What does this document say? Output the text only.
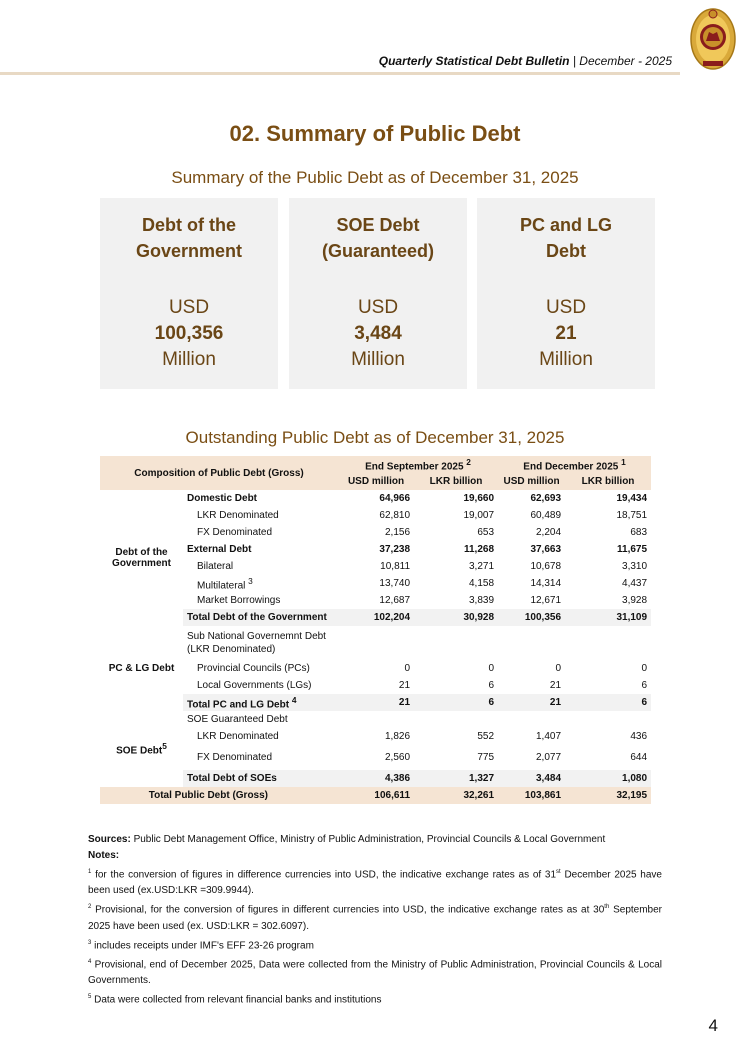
Quarterly Statistical Debt Bulletin | December - 2025
02. Summary of Public Debt
Summary of the Public Debt as of December 31, 2025
Debt of the
Government
USD
100,356
Million
SOE Debt
(Guaranteed)
USD
3,484
Million
PC and LG
Debt
USD
21
Million
Outstanding Public Debt as of December 31, 2025
Composition of Public Debt (Gross)		End September 2025 $^2$		End December 2025 $^1$
		USD million	LKR billion	USD million	LKR billion
Debt of the Government	Domestic Debt	64,966	19,660	62,693	19,434
	LKR Denominated	62,810	19,007	60,489	18,751
	FX Denominated	2,156	653	2,204	683
	External Debt	37,238	11,268	37,663	11,675
	Bilateral	10,811	3,271	10,678	3,310
	Multilateral $^3$	13,740	4,158	14,314	4,437
	Market Borrowings	12,687	3,839	12,671	3,928
	Total Debt of the Government	102,204	30,928	100,356	31,109
PC & LG Debt	Sub National Governemnt Debt
(LKR Denominated)				
	Provincial Councils (PCs)	0	0	0	0
	Local Governments (LGs)	21	6	21	6
	Total PC and LG Debt $^4$	21	6	21	6
SOE Debt$^5$	SOE Guaranteed Debt				
	LKR Denominated	1,826	552	1,407	436
	FX Denominated	2,560	775	2,077	644
	Total Debt of SOEs	4,386	1,327	3,484	1,080
Total Public Debt (Gross)		106,611	32,261	103,861	32,195

Sources: Public Debt Management Office, Ministry of Public Administration, Provincial Councils & Local Government

Notes:

$^1$ for the conversion of figures in difference currencies into USD, the indicative exchange rates as of 31st December 2025 have been used (ex.USD:LKR =309.9944).

$^2$ Provisional, for the conversion of figures in different currencies into USD, the indicative exchange rates as at 30th September 2025 have been used (ex. USD:LKR = 302.6097).

$^3$ includes receipts under IMF's EFF 23-26 program

$^4$ Provisional, end of December 2025, Data were collected from the Ministry of Public Administration, Provincial Councils & Local Governments.

$^5$ Data were collected from relevant financial banks and institutions

4
